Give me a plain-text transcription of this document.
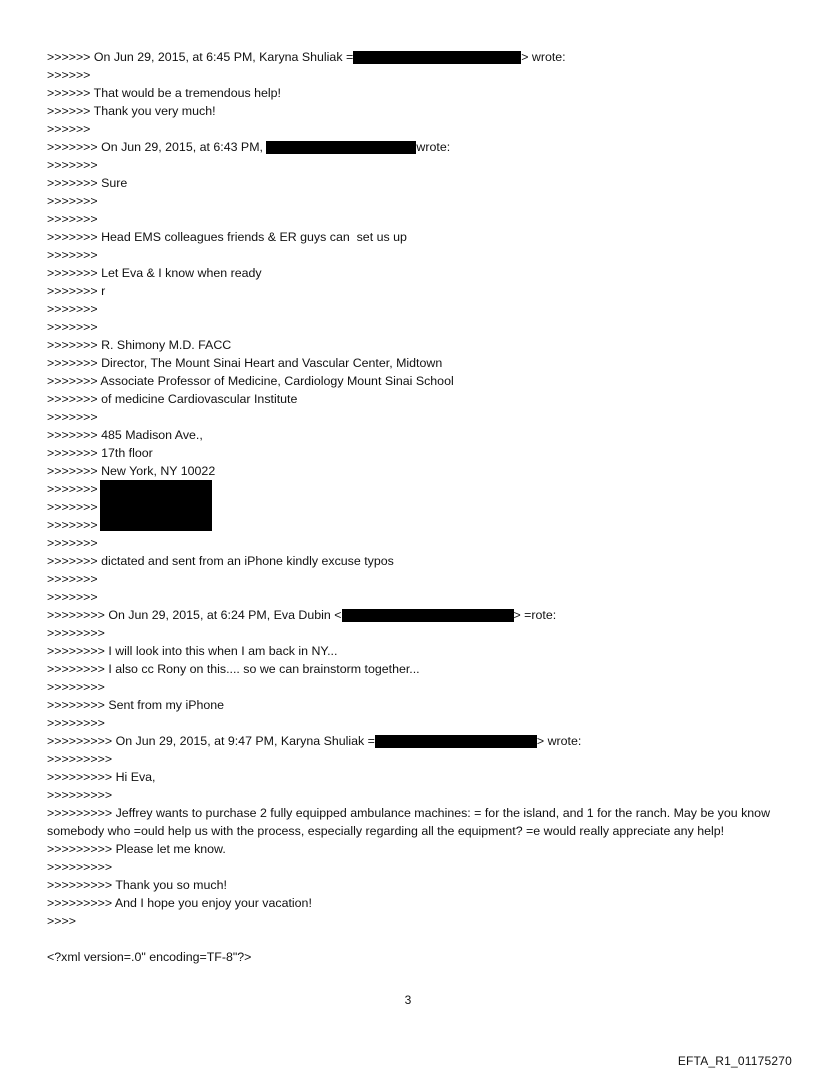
>>>>>> On Jun 29, 2015, at 6:45 PM, Karyna Shuliak =	> wrote:
>>>>>>
>>>>>> That would be a tremendous help!
>>>>>> Thank you very much!
>>>>>>
>>>>>>> On Jun 29, 2015, at 6:43 PM,	wrote:
>>>>>>>
>>>>>>> Sure
>>>>>>>
>>>>>>>
>>>>>>> Head EMS colleagues friends & ER guys can  set us up
>>>>>>>
>>>>>>> Let Eva & I know when ready
>>>>>>> r
>>>>>>>
>>>>>>>
>>>>>>> R. Shimony M.D. FACC
>>>>>>> Director, The Mount Sinai Heart and Vascular Center, Midtown
>>>>>>> Associate Professor of Medicine, Cardiology Mount Sinai School
>>>>>>> of medicine Cardiovascular Institute
>>>>>>>
>>>>>>> 485 Madison Ave.,
>>>>>>> 17th floor
>>>>>>> New York, NY 10022
>>>>>>>
>>>>>>>
>>>>>>>
>>>>>>>
>>>>>>> dictated and sent from an iPhone kindly excuse typos
>>>>>>>
>>>>>>>
>>>>>>>> On Jun 29, 2015, at 6:24 PM, Eva Dubin <	> =rote:
>>>>>>>>
>>>>>>>> I will look into this when I am back in NY...
>>>>>>>> I also cc Rony on this.... so we can brainstorm together...
>>>>>>>>
>>>>>>>> Sent from my iPhone
>>>>>>>>
>>>>>>>>> On Jun 29, 2015, at 9:47 PM, Karyna Shuliak =	> wrote:
>>>>>>>>>
>>>>>>>>> Hi Eva,
>>>>>>>>>
>>>>>>>>> Jeffrey wants to purchase 2 fully equipped ambulance machines: = for the island, and 1 for the ranch. May be you know somebody who =ould help us with the process, especially regarding all the equipment? =e would really appreciate any help!
>>>>>>>>> Please let me know.
>>>>>>>>>
>>>>>>>>> Thank you so much!
>>>>>>>>> And I hope you enjoy your vacation!
>>>>
<?xml version=.0" encoding=TF-8"?>
3
EFTA_R1_01175270
